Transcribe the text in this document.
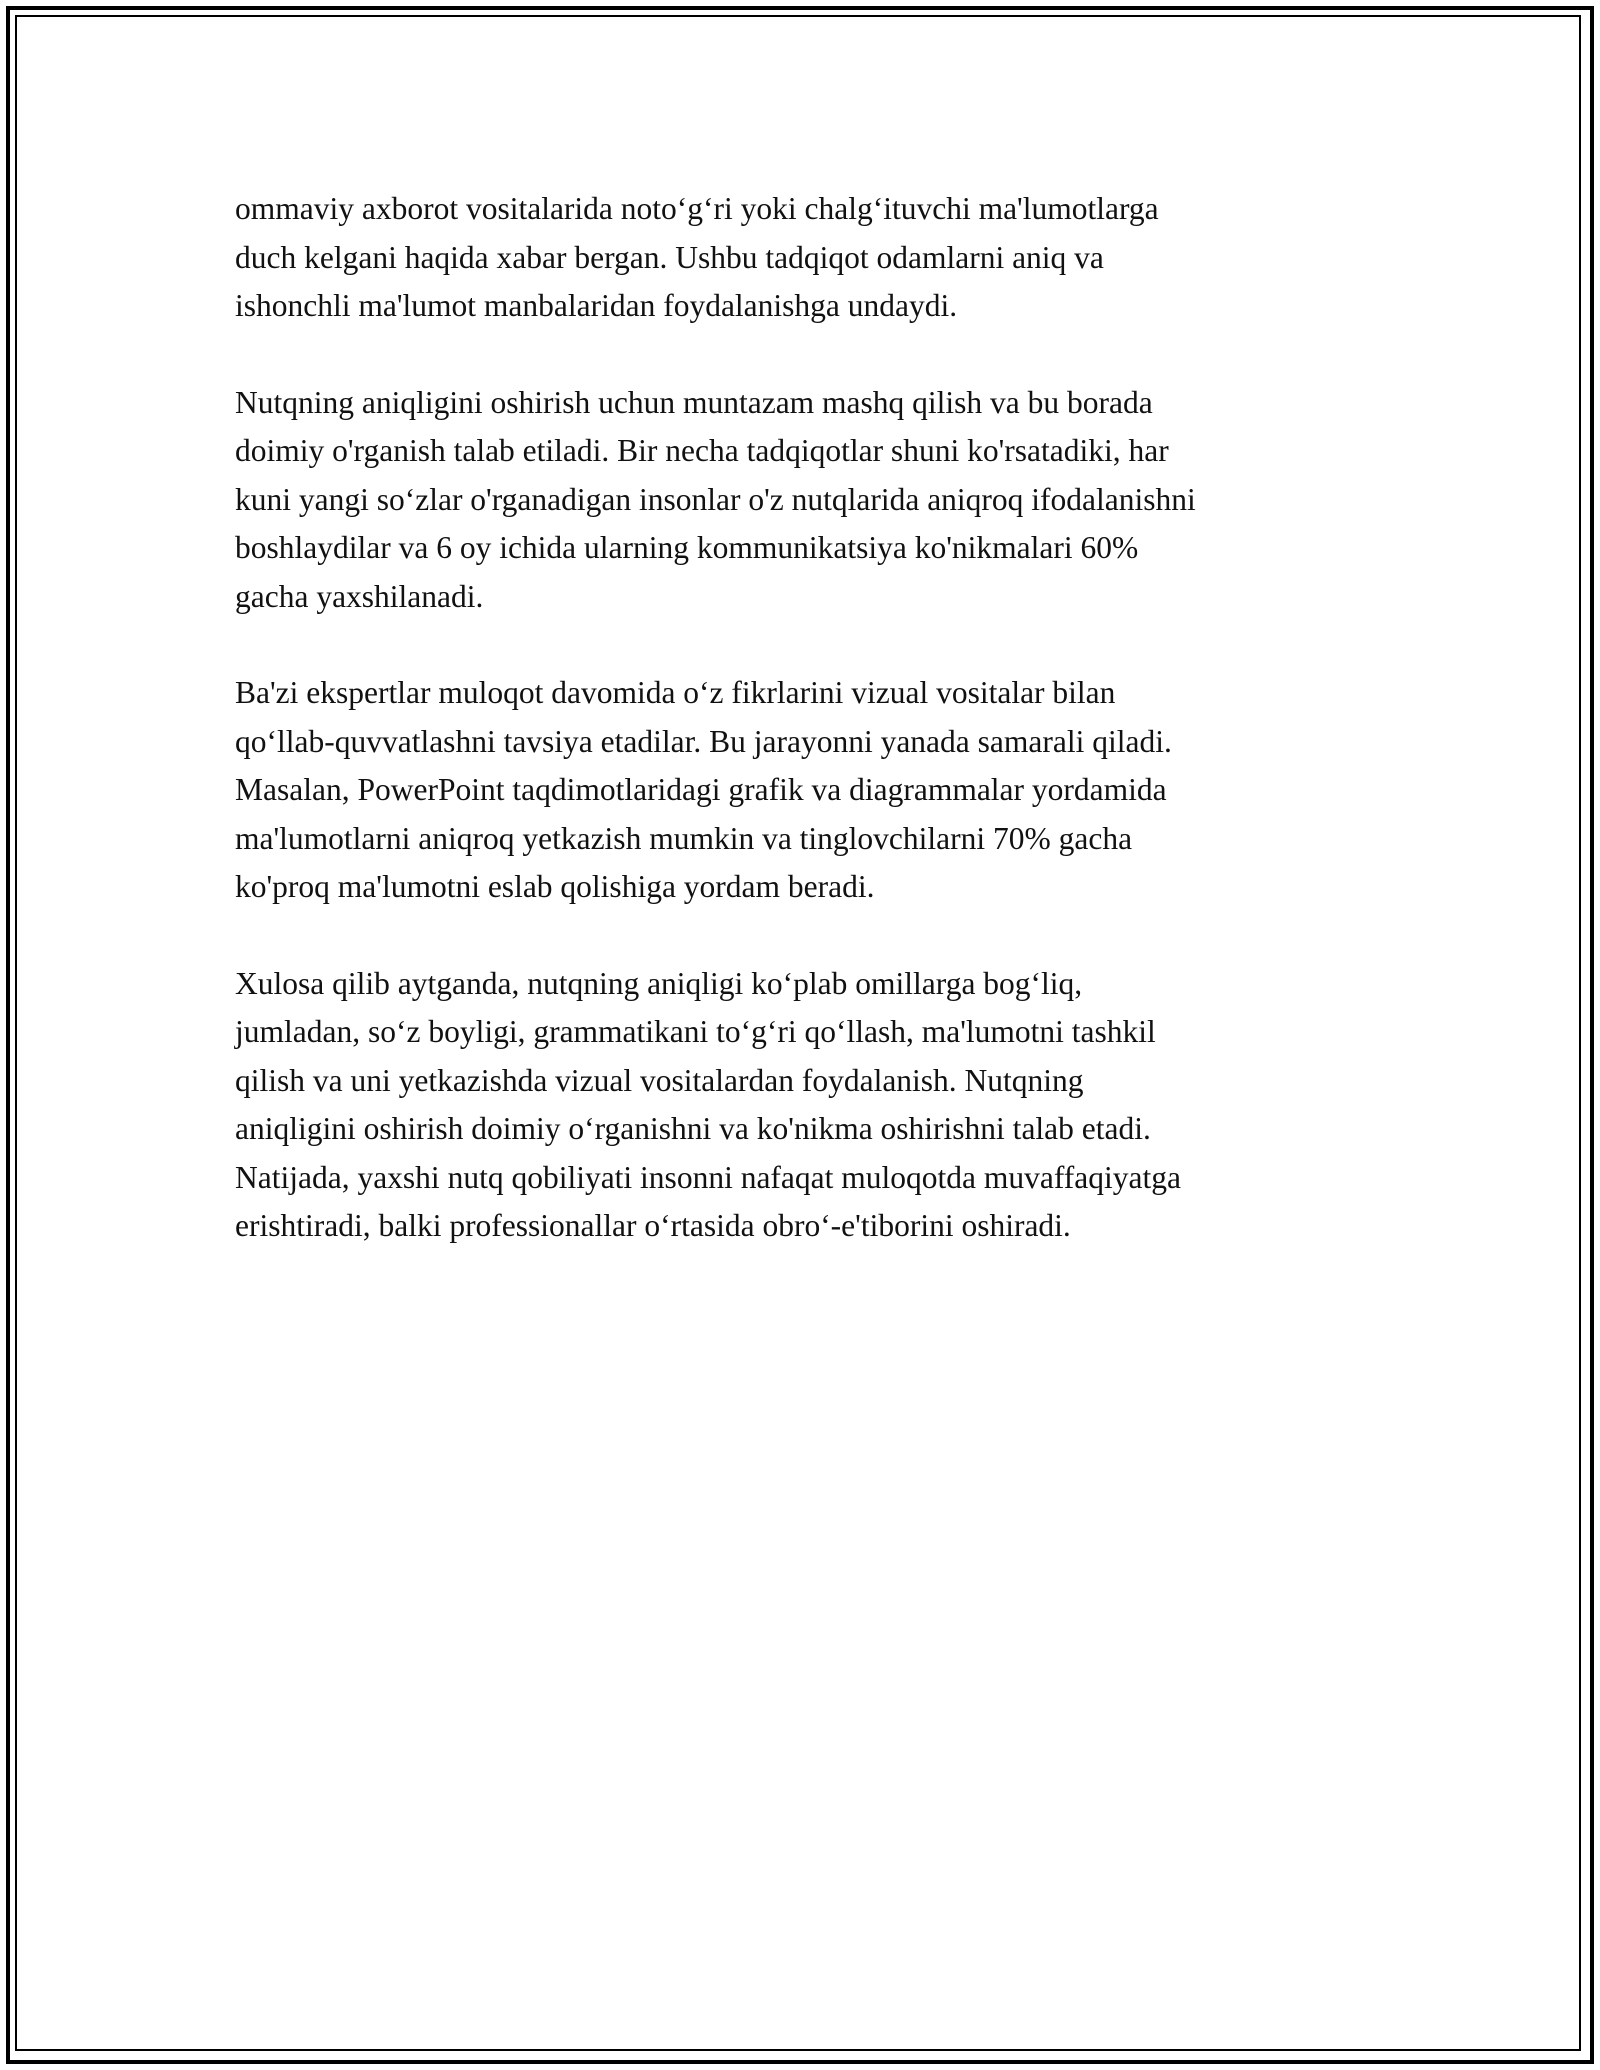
ommaviy axborot vositalarida noto‘g‘ri yoki chalg‘ituvchi ma'lumotlarga
duch kelgani haqida xabar bergan. Ushbu tadqiqot odamlarni aniq va
ishonchli ma'lumot manbalaridan foydalanishga undaydi.

Nutqning aniqligini oshirish uchun muntazam mashq qilish va bu borada
doimiy o'rganish talab etiladi. Bir necha tadqiqotlar shuni ko'rsatadiki, har
kuni yangi so‘zlar o'rganadigan insonlar o'z nutqlarida aniqroq ifodalanishni
boshlaydilar va 6 oy ichida ularning kommunikatsiya ko'nikmalari 60%
gacha yaxshilanadi.

Ba'zi ekspertlar muloqot davomida o‘z fikrlarini vizual vositalar bilan
qo‘llab-quvvatlashni tavsiya etadilar. Bu jarayonni yanada samarali qiladi.
Masalan, PowerPoint taqdimotlaridagi grafik va diagrammalar yordamida
ma'lumotlarni aniqroq yetkazish mumkin va tinglovchilarni 70% gacha
ko'proq ma'lumotni eslab qolishiga yordam beradi.

Xulosa qilib aytganda, nutqning aniqligi ko‘plab omillarga bog‘liq,
jumladan, so‘z boyligi, grammatikani to‘g‘ri qo‘llash, ma'lumotni tashkil
qilish va uni yetkazishda vizual vositalardan foydalanish. Nutqning
aniqligini oshirish doimiy o‘rganishni va ko'nikma oshirishni talab etadi.
Natijada, yaxshi nutq qobiliyati insonni nafaqat muloqotda muvaffaqiyatga
erishtiradi, balki professionallar o‘rtasida obro‘-e'tiborini oshiradi.
